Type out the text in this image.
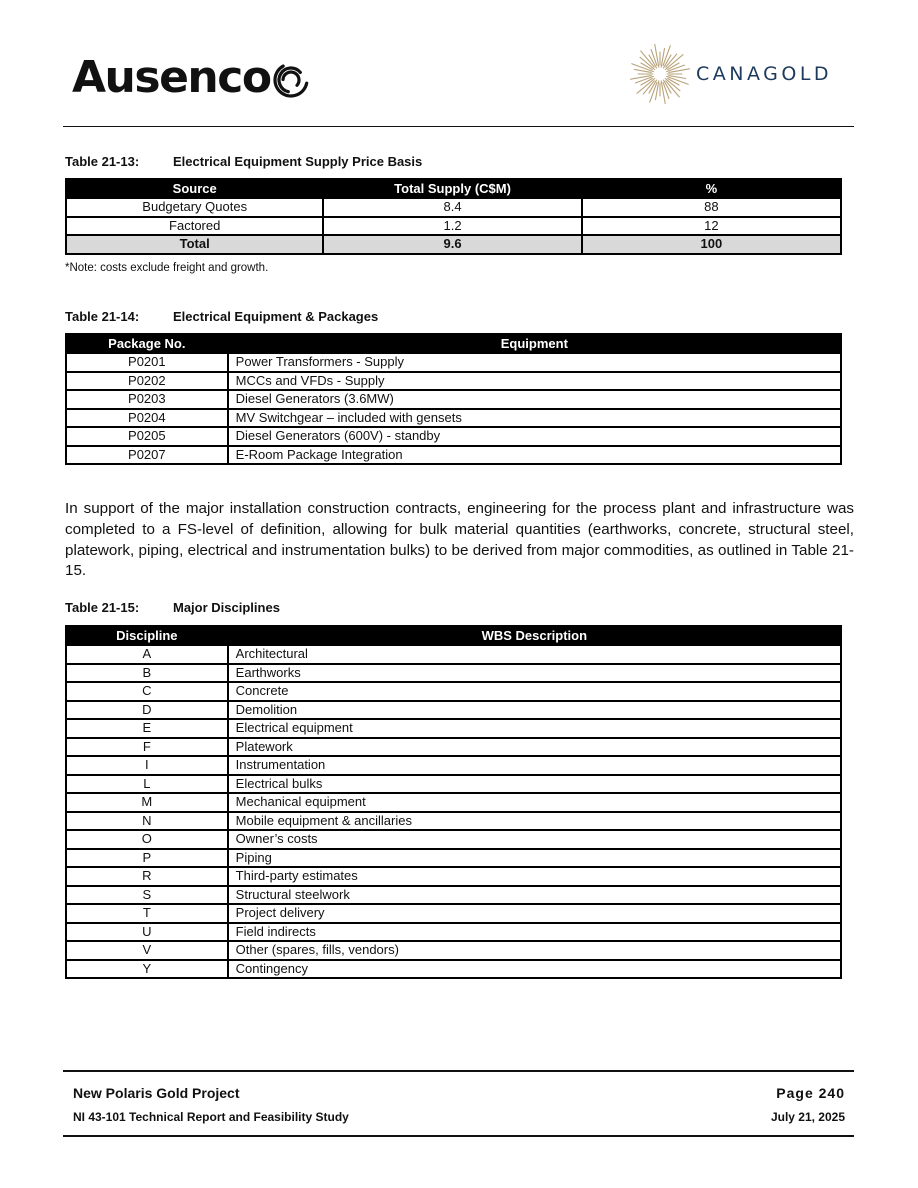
Ausenco	CANAGOLD
Table 21-13:	Electrical Equipment Supply Price Basis
Source	Total Supply (C$M)	%
Budgetary Quotes	8.4	88
Factored	1.2	12
Total	9.6	100
*Note: costs exclude freight and growth.
Table 21-14:	Electrical Equipment & Packages
Package No.	Equipment
P0201	Power Transformers - Supply
P0202	MCCs and VFDs - Supply
P0203	Diesel Generators (3.6MW)
P0204	MV Switchgear – included with gensets
P0205	Diesel Generators (600V) - standby
P0207	E-Room Package Integration
In support of the major installation construction contracts, engineering for the process plant and infrastructure was completed to a FS-level of definition, allowing for bulk material quantities (earthworks, concrete, structural steel, platework, piping, electrical and instrumentation bulks) to be derived from major commodities, as outlined in Table 21-15.
Table 21-15:	Major Disciplines
Discipline	WBS Description
A	Architectural
B	Earthworks
C	Concrete
D	Demolition
E	Electrical equipment
F	Platework
I	Instrumentation
L	Electrical bulks
M	Mechanical equipment
N	Mobile equipment & ancillaries
O	Owner’s costs
P	Piping
R	Third-party estimates
S	Structural steelwork
T	Project delivery
U	Field indirects
V	Other (spares, fills, vendors)
Y	Contingency
New Polaris Gold Project
NI 43-101 Technical Report and Feasibility Study
Page 240
July 21, 2025
